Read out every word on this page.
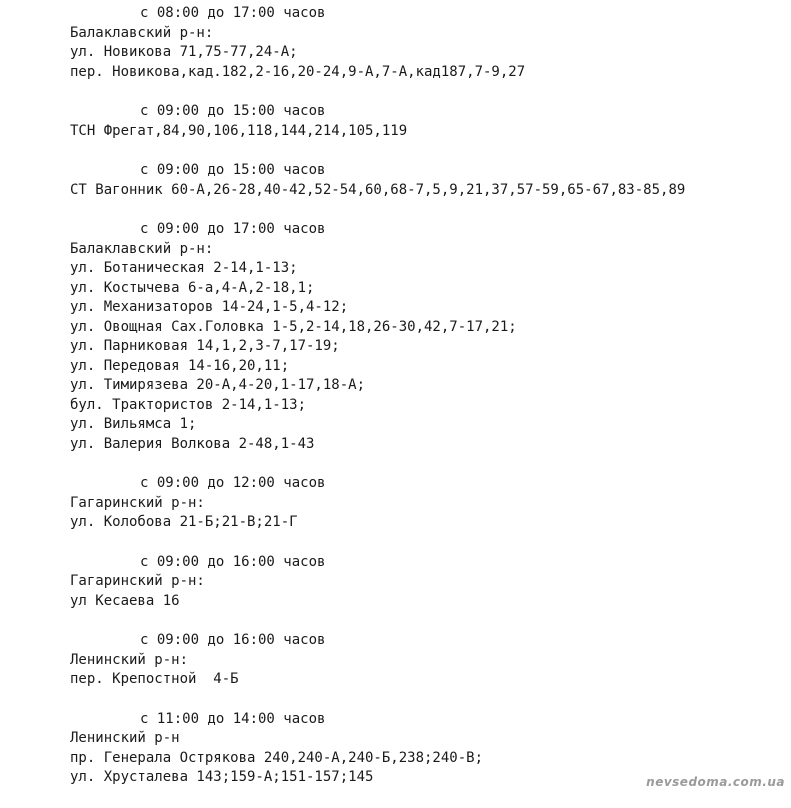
с 08:00 до 17:00 часов
Балаклавский р-н:
ул. Новикова 71,75-77,24-А;
пер. Новикова,кад.182,2-16,20-24,9-А,7-А,кад187,7-9,27
с 09:00 до 15:00 часов
ТСН Фрегат,84,90,106,118,144,214,105,119
с 09:00 до 15:00 часов
СТ Вагонник 60-А,26-28,40-42,52-54,60,68-7,5,9,21,37,57-59,65-67,83-85,89
с 09:00 до 17:00 часов
Балаклавский р-н:
ул. Ботаническая 2-14,1-13;
ул. Костычева 6-а,4-А,2-18,1;
ул. Механизаторов 14-24,1-5,4-12;
ул. Овощная Сах.Головка 1-5,2-14,18,26-30,42,7-17,21;
ул. Парниковая 14,1,2,3-7,17-19;
ул. Передовая 14-16,20,11;
ул. Тимирязева 20-А,4-20,1-17,18-А;
бул. Трактористов 2-14,1-13;
ул. Вильямса 1;
ул. Валерия Волкова 2-48,1-43
с 09:00 до 12:00 часов
Гагаринский р-н:
ул. Колобова 21-Б;21-В;21-Г
с 09:00 до 16:00 часов
Гагаринский р-н:
ул Кесаева 16
с 09:00 до 16:00 часов
Ленинский р-н:
пер. Крепостной  4-Б
с 11:00 до 14:00 часов
Ленинский р-н
пр. Генерала Острякова 240,240-А,240-Б,238;240-В;
ул. Хрусталева 143;159-А;151-157;145	nevsedoma.com.ua
